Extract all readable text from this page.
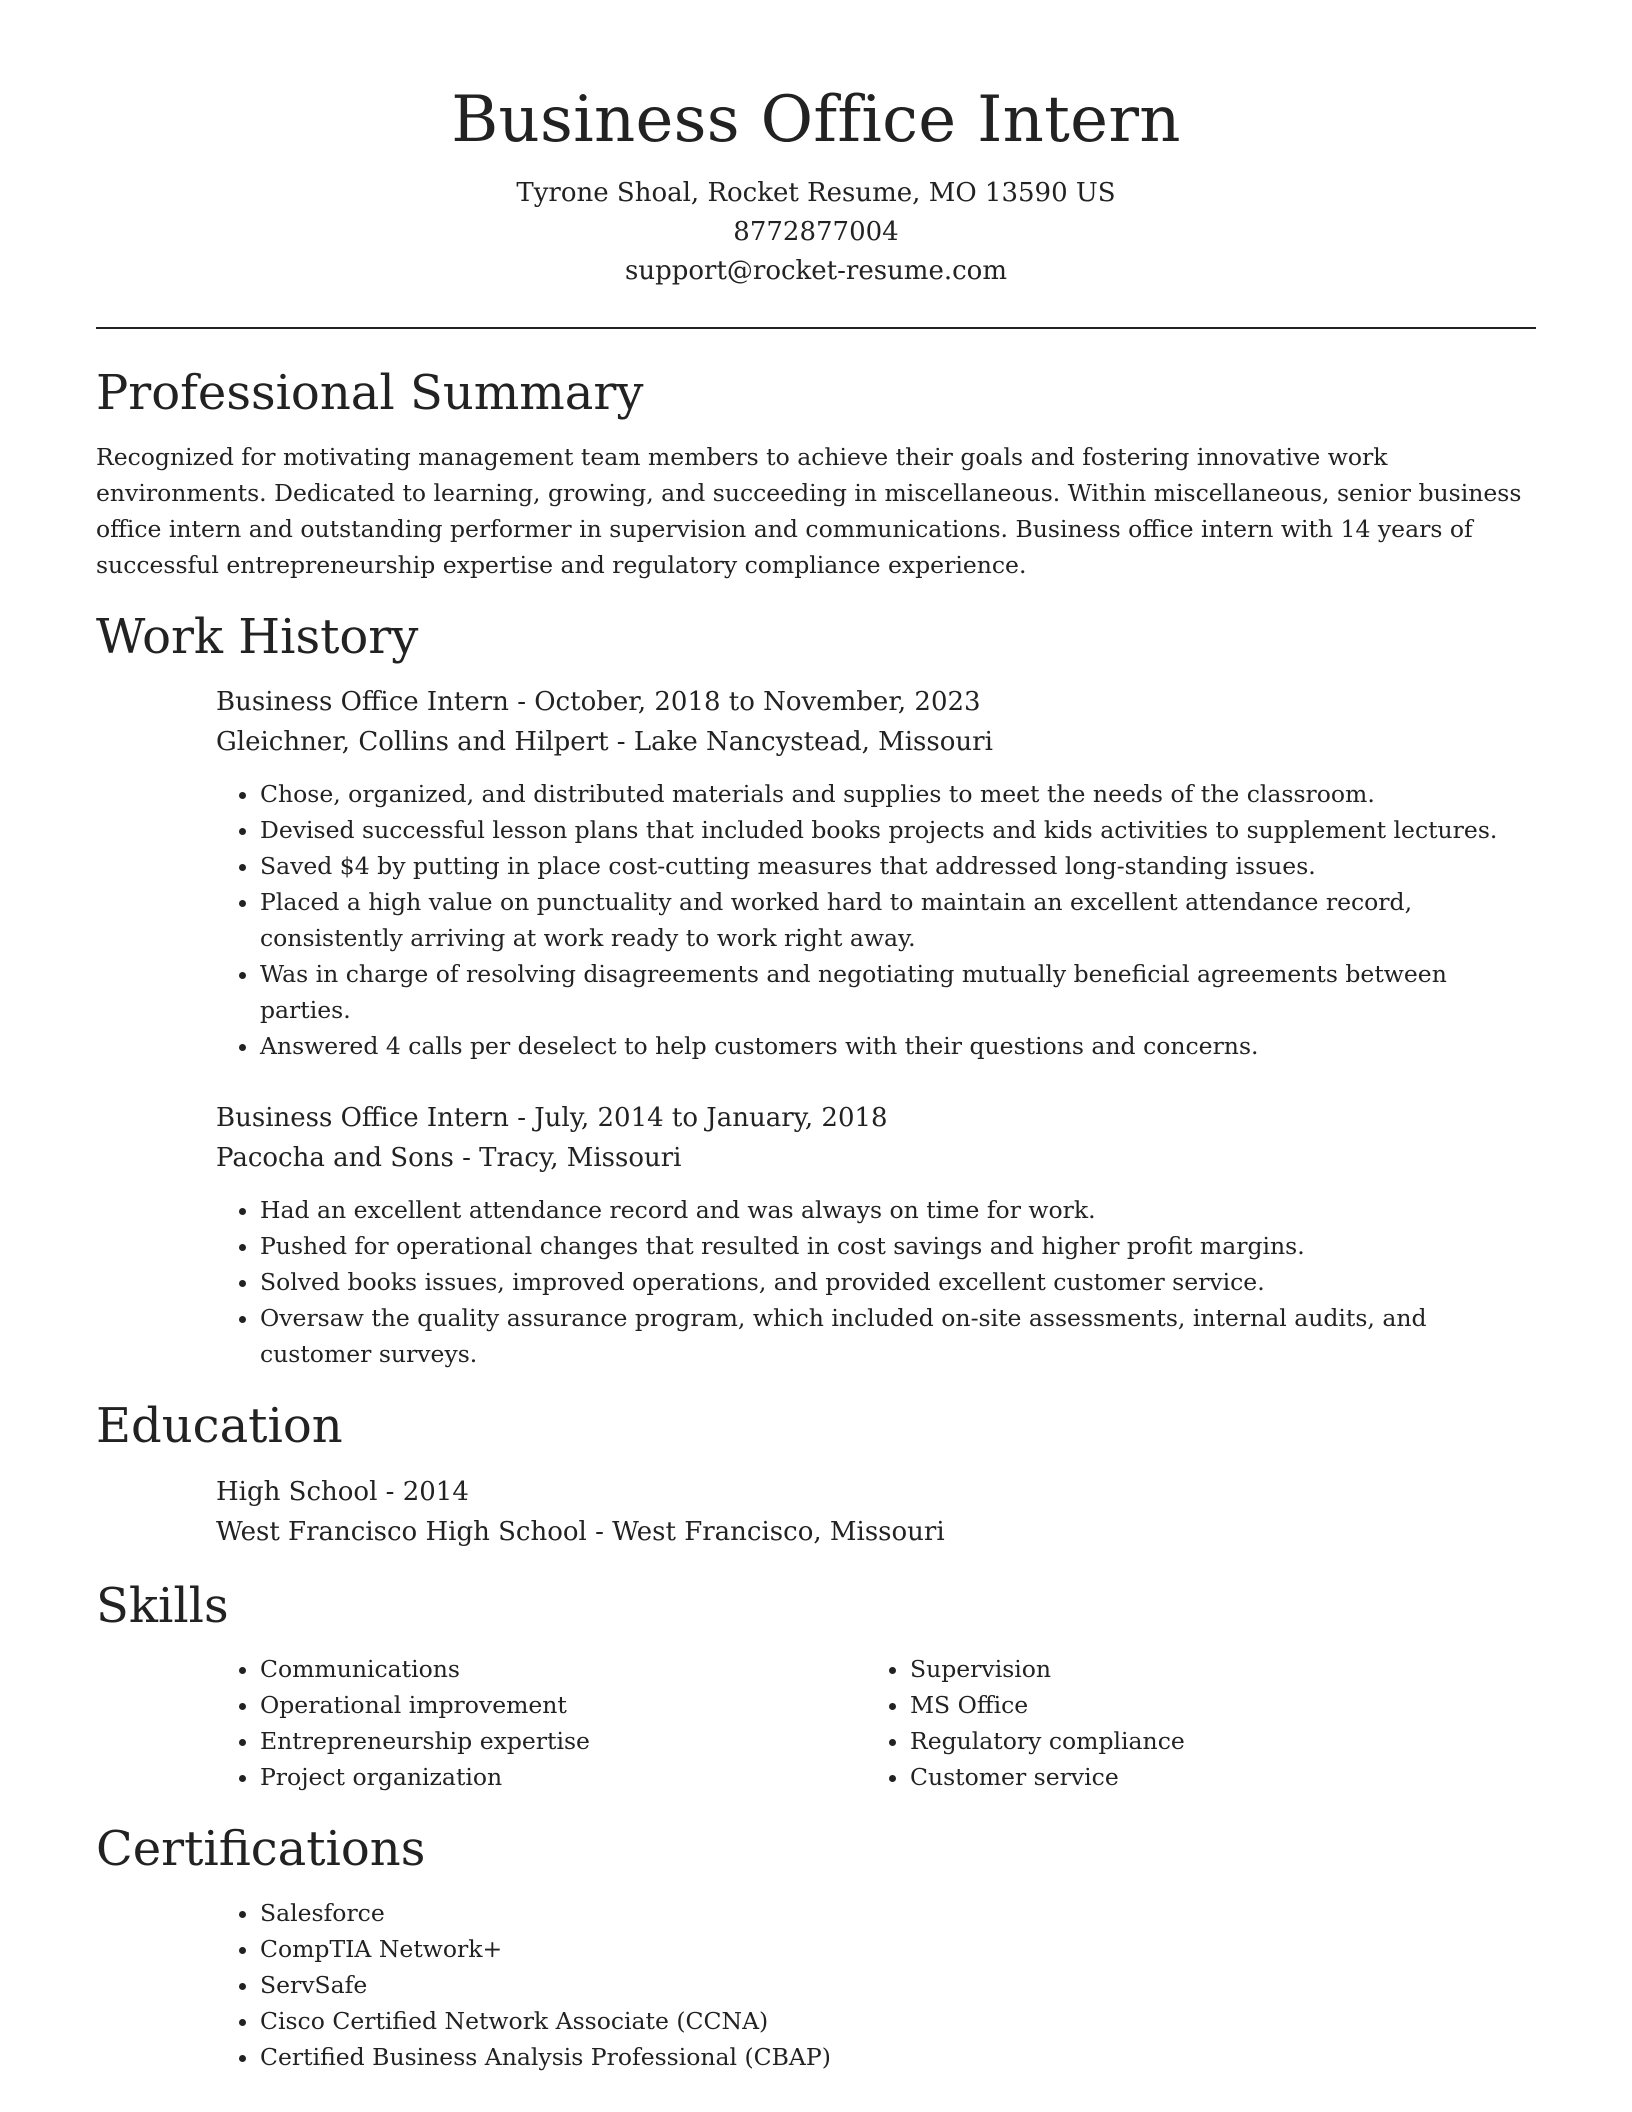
Business Office Intern
Tyrone Shoal, Rocket Resume, MO 13590 US
8772877004
support@rocket-resume.com
Professional Summary

Recognized for motivating management team members to achieve their goals and fostering innovative work environments. Dedicated to learning, growing, and succeeding in miscellaneous. Within miscellaneous, senior business office intern and outstanding performer in supervision and communications. Business office intern with 14 years of successful entrepreneurship expertise and regulatory compliance experience.

Work History
Business Office Intern - October, 2018 to November, 2023
Gleichner, Collins and Hilpert - Lake Nancystead, Missouri
• Chose, organized, and distributed materials and supplies to meet the needs of the classroom.
• Devised successful lesson plans that included books projects and kids activities to supplement lectures.
• Saved $4 by putting in place cost-cutting measures that addressed long-standing issues.
• Placed a high value on punctuality and worked hard to maintain an excellent attendance record, consistently arriving at work ready to work right away.
• Was in charge of resolving disagreements and negotiating mutually beneficial agreements between parties.
• Answered 4 calls per deselect to help customers with their questions and concerns.
Business Office Intern - July, 2014 to January, 2018
Pacocha and Sons - Tracy, Missouri
• Had an excellent attendance record and was always on time for work.
• Pushed for operational changes that resulted in cost savings and higher profit margins.
• Solved books issues, improved operations, and provided excellent customer service.
• Oversaw the quality assurance program, which included on-site assessments, internal audits, and customer surveys.
Education
High School - 2014
West Francisco High School - West Francisco, Missouri
Skills
• Communications
• Operational improvement
• Entrepreneurship expertise
• Project organization
• Supervision
• MS Office
• Regulatory compliance
• Customer service
Certifications
• Salesforce
• CompTIA Network+
• ServSafe
• Cisco Certified Network Associate (CCNA)
• Certified Business Analysis Professional (CBAP)
